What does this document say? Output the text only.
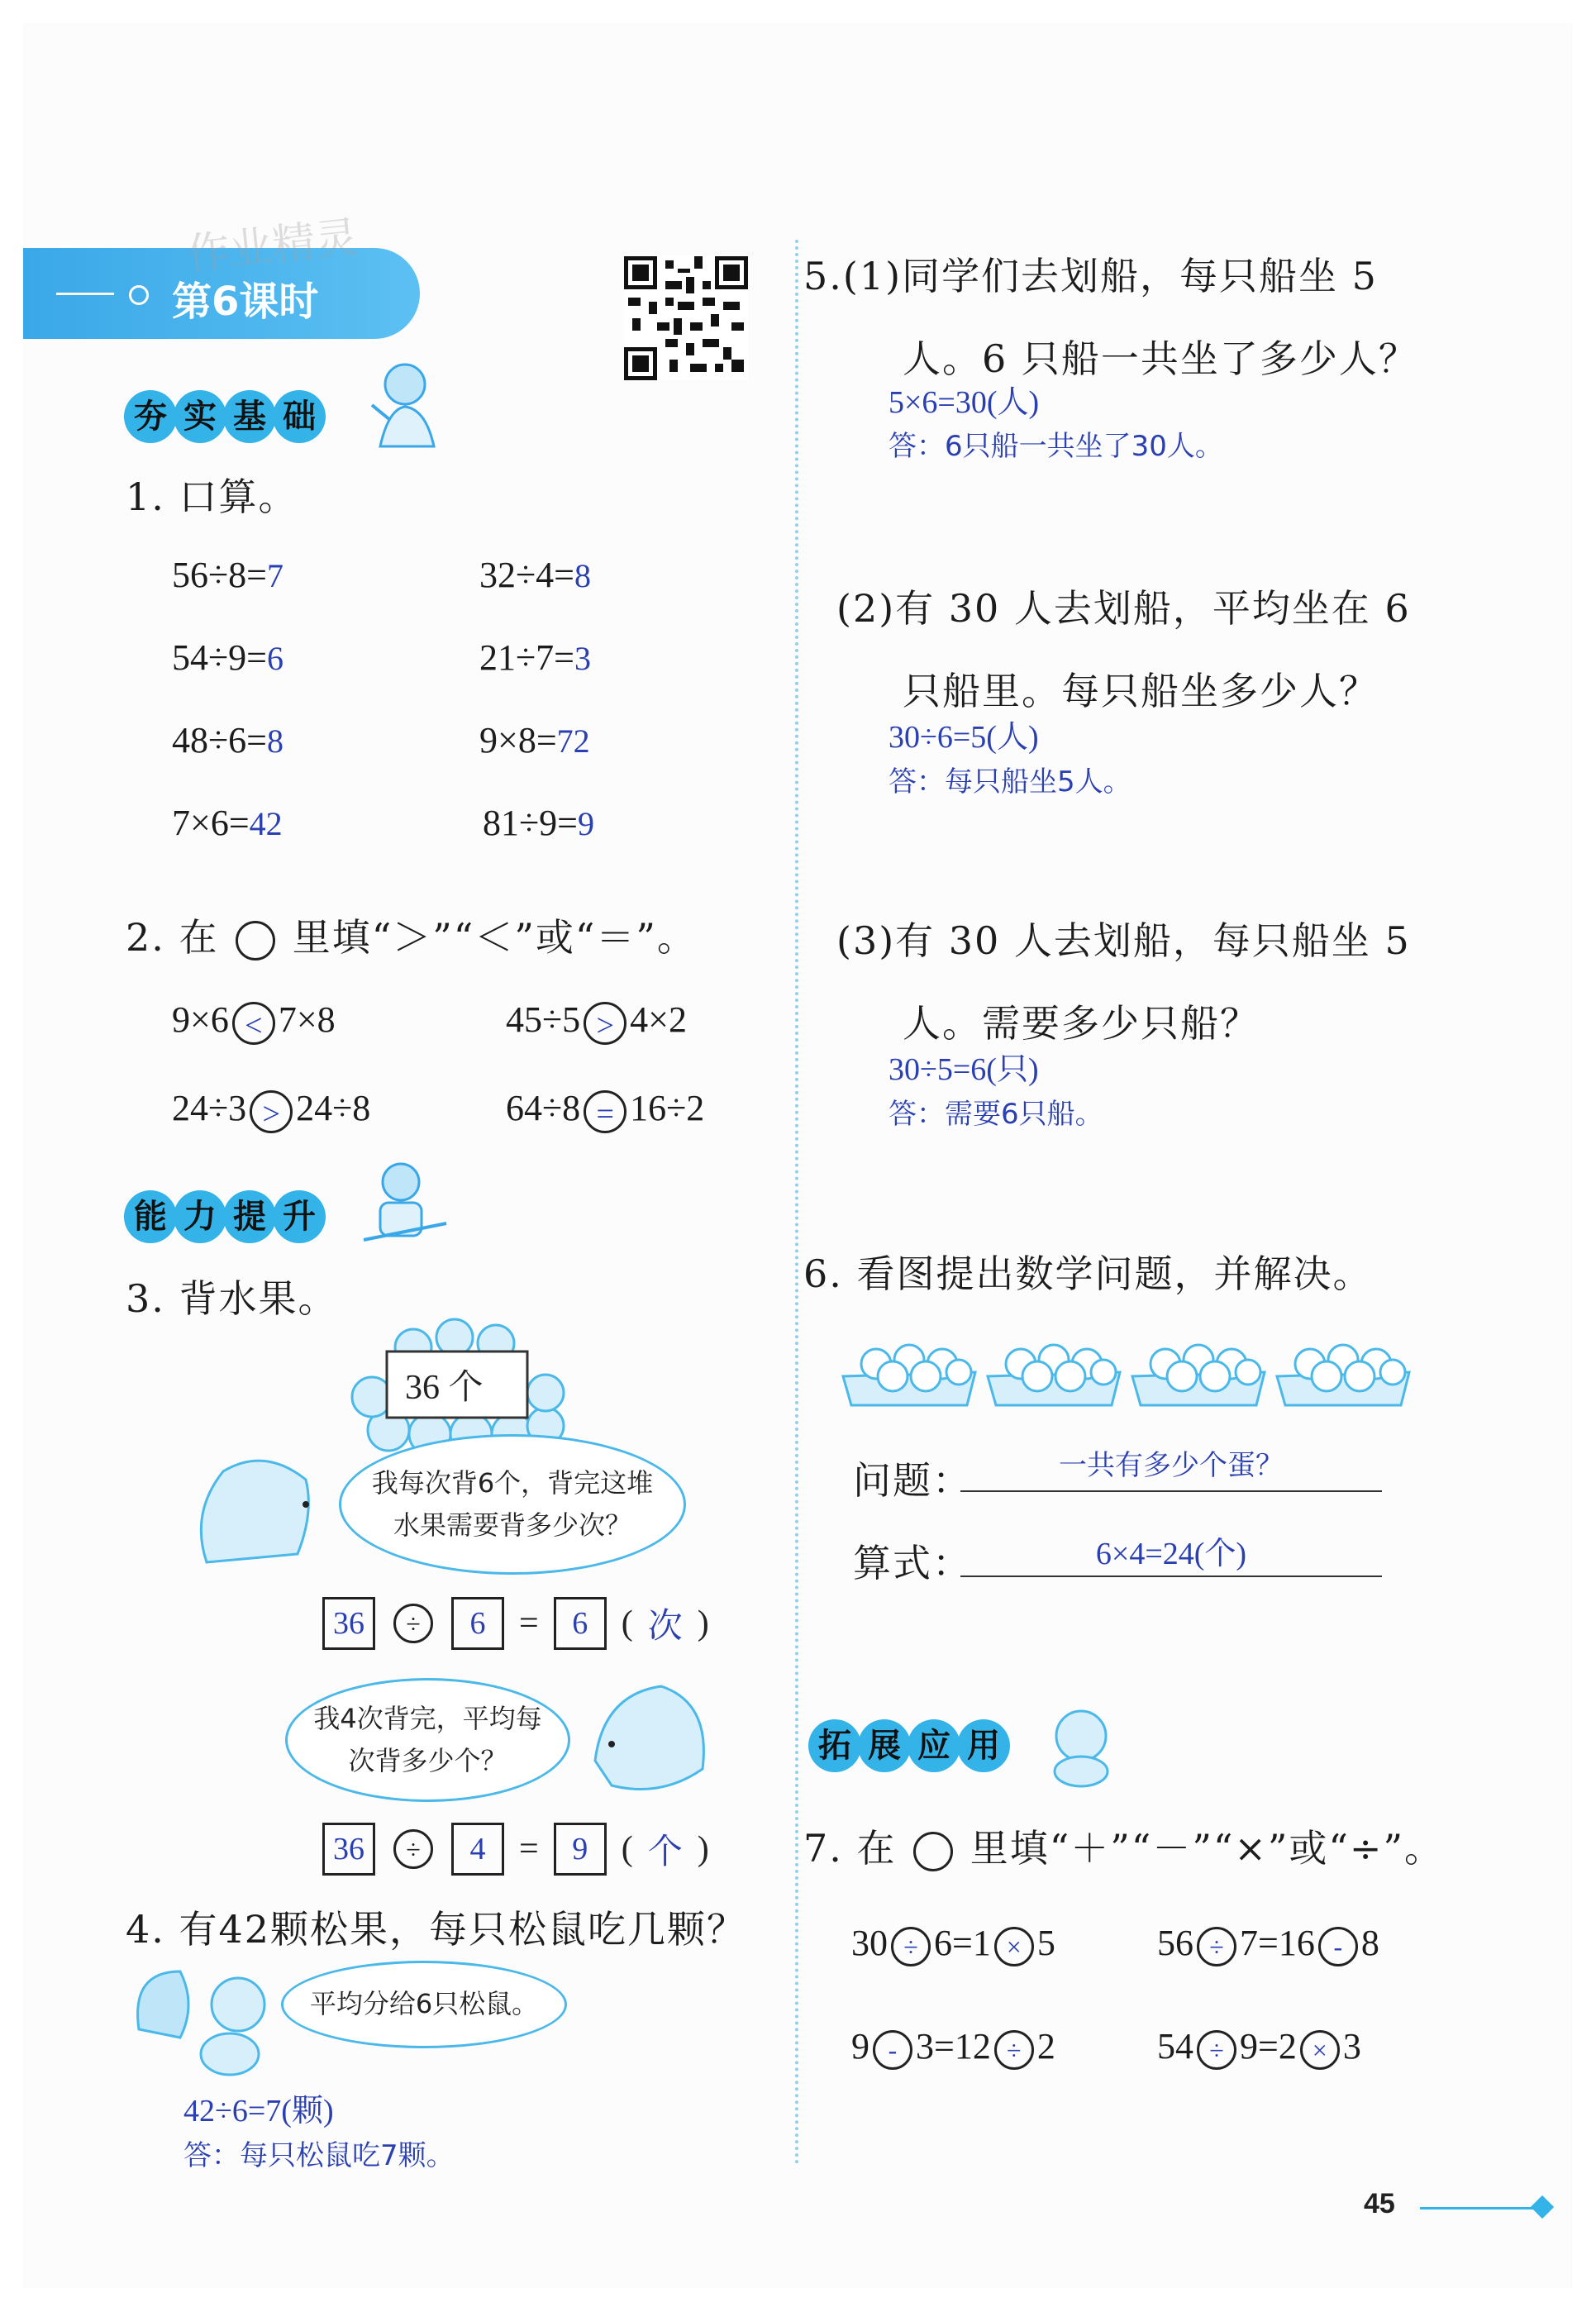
第6课时
作业精灵
夯 实 基 础
1. 口算。
56÷8=7	32÷4=8
54÷9=6	21÷7=3
48÷6=8	9×8=72
7×6=42	81÷9=9
2. 在 里填“＞”“＜”或“＝”。
9×6 < 7×8	45÷5 > 4×2
24÷3 > 24÷8	64÷8 = 16÷2
能 力 提 升
3. 背水果。
36 个
我每次背6个，背完这堆水果需要背多少次？
36	÷	6 =	6 ( 次 )
我4次背完，平均每次背多少个？
36	÷	4 =	9 ( 个 )
4. 有42颗松果，每只松鼠吃几颗？
平均分给6只松鼠。
42÷6=7(颗)
答：每只松鼠吃7颗。
5.(1)同学们去划船，每只船坐 5
人。6 只船一共坐了多少人？
5×6=30(人)
答：6只船一共坐了30人。
(2)有 30 人去划船，平均坐在 6
只船里。每只船坐多少人？
30÷6=5(人)
答：每只船坐5人。
(3)有 30 人去划船，每只船坐 5
人。需要多少只船？
30÷5=6(只)
答：需要6只船。
6. 看图提出数学问题，并解决。
问题：	一共有多少个蛋？
算式：	6×4=24(个)
拓 展 应 用
7. 在 里填“＋”“－”“×”或“÷”。
30 ÷ 6=1 × 5	56 ÷ 7=16 - 8
9 - 3=12 ÷ 2	54 ÷ 9=2 × 3
45
